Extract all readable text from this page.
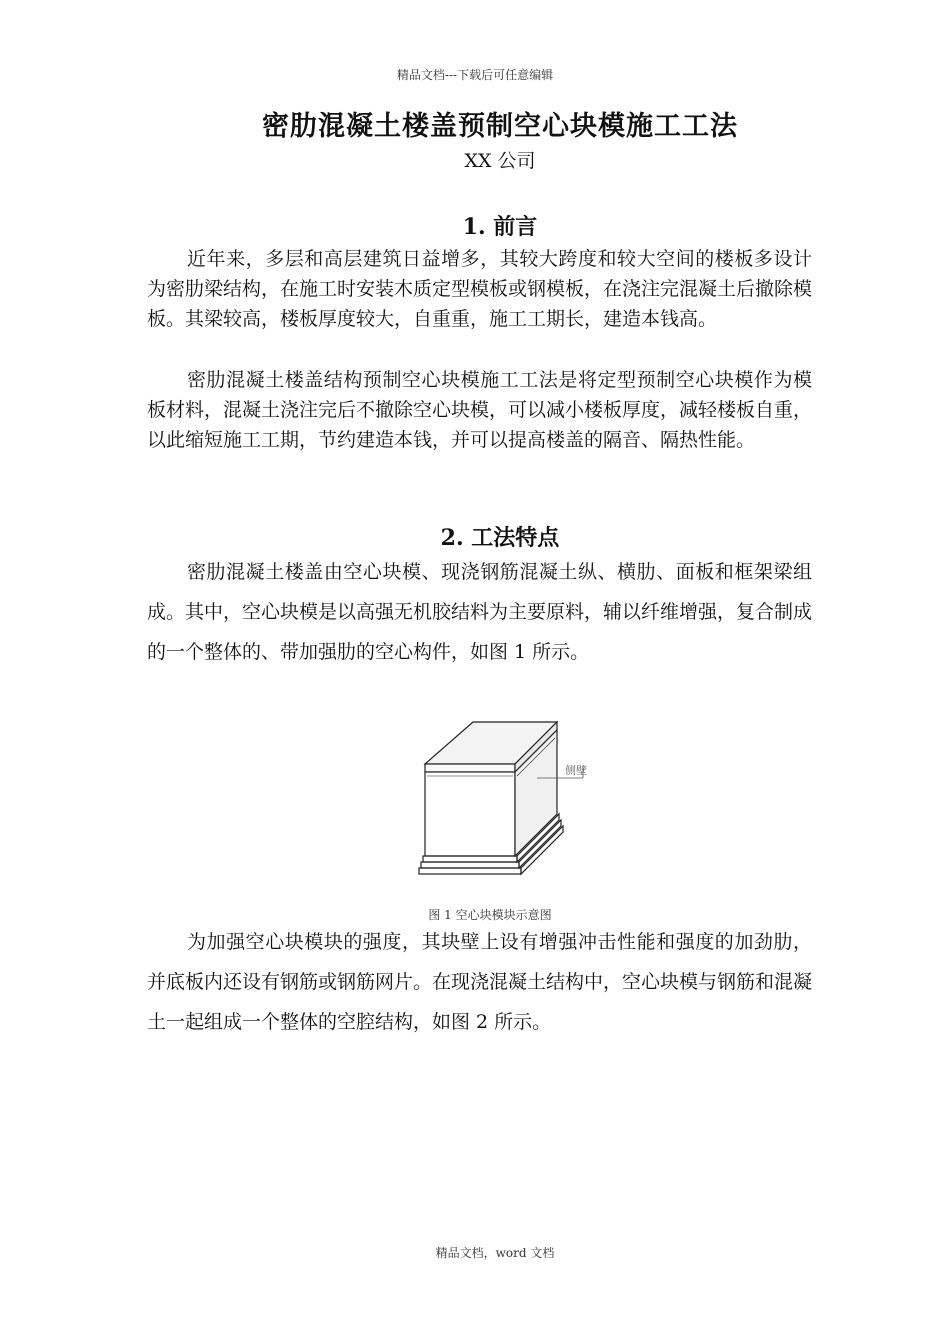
精品文档---下载后可任意编辑
密肋混凝土楼盖预制空心块模施工工法
XX 公司
1. 前言

近年来，多层和高层建筑日益增多，其较大跨度和较大空间的楼板多设计为密肋梁结构，在施工时安装木质定型模板或钢模板，在浇注完混凝土后撤除模板。其梁较高，楼板厚度较大，自重重，施工工期长，建造本钱高。

密肋混凝土楼盖结构预制空心块模施工工法是将定型预制空心块模作为模板材料，混凝土浇注完后不撤除空心块模，可以减小楼板厚度，减轻楼板自重，以此缩短施工工期，节约建造本钱，并可以提高楼盖的隔音、隔热性能。

2. 工法特点

密肋混凝土楼盖由空心块模、现浇钢筋混凝土纵、横肋、面板和框架梁组成。其中，空心块模是以高强无机胶结料为主要原料，辅以纤维增强，复合制成的一个整体的、带加强肋的空心构件，如图 1 所示。

侧壁
图 1 空心块模块示意图

为加强空心块模块的强度，其块壁上设有增强冲击性能和强度的加劲肋，并底板内还设有钢筋或钢筋网片。在现浇混凝土结构中，空心块模与钢筋和混凝土一起组成一个整体的空腔结构，如图 2 所示。

精品文档，word 文档
